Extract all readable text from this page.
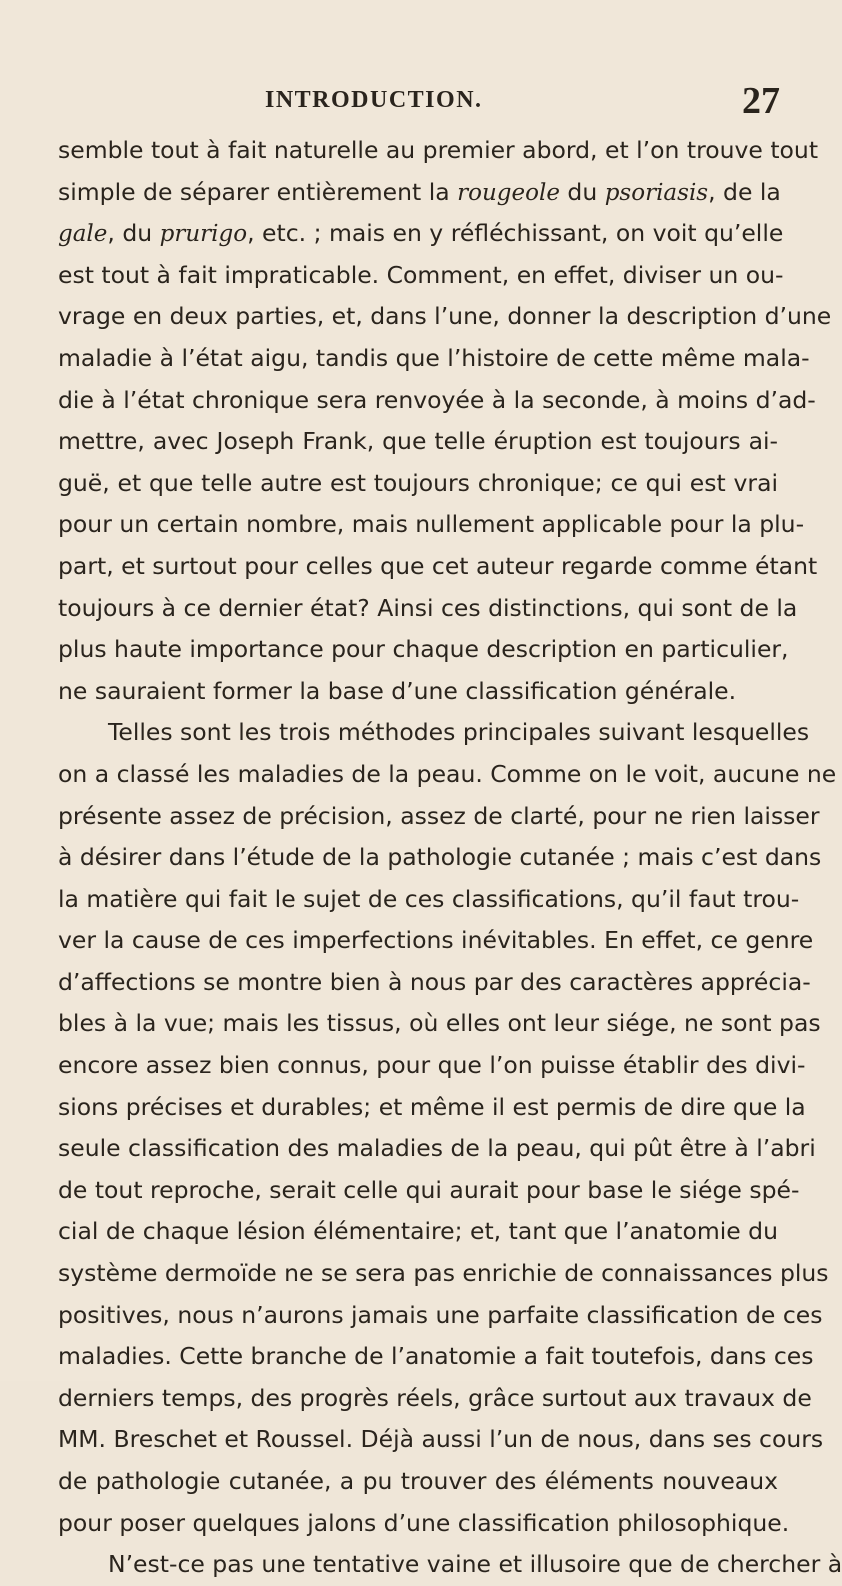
INTRODUCTION.	27
semble tout à fait naturelle au premier abord, et l’on trouve tout
simple de séparer entièrement la rougeole du psoriasis, de la
gale, du prurigo, etc. ; mais en y réfléchissant, on voit qu’elle
est tout à fait impraticable. Comment, en effet, diviser un ou-
vrage en deux parties, et, dans l’une, donner la description d’une
maladie à l’état aigu, tandis que l’histoire de cette même mala-
die à l’état chronique sera renvoyée à la seconde, à moins d’ad-
mettre, avec Joseph Frank, que telle éruption est toujours ai-
guë, et que telle autre est toujours chronique; ce qui est vrai
pour un certain nombre, mais nullement applicable pour la plu-
part, et surtout pour celles que cet auteur regarde comme étant
toujours à ce dernier état? Ainsi ces distinctions, qui sont de la
plus haute importance pour chaque description en particulier,
ne sauraient former la base d’une classification générale.
Telles sont les trois méthodes principales suivant lesquelles
on a classé les maladies de la peau. Comme on le voit, aucune ne
présente assez de précision, assez de clarté, pour ne rien laisser
à désirer dans l’étude de la pathologie cutanée ; mais c’est dans
la matière qui fait le sujet de ces classifications, qu’il faut trou-
ver la cause de ces imperfections inévitables. En effet, ce genre
d’affections se montre bien à nous par des caractères apprécia-
bles à la vue; mais les tissus, où elles ont leur siége, ne sont pas
encore assez bien connus, pour que l’on puisse établir des divi-
sions précises et durables; et même il est permis de dire que la
seule classification des maladies de la peau, qui pût être à l’abri
de tout reproche, serait celle qui aurait pour base le siége spé-
cial de chaque lésion élémentaire; et, tant que l’anatomie du
système dermoïde ne se sera pas enrichie de connaissances plus
positives, nous n’aurons jamais une parfaite classification de ces
maladies. Cette branche de l’anatomie a fait toutefois, dans ces
derniers temps, des progrès réels, grâce surtout aux travaux de
MM. Breschet et Roussel. Déjà aussi l’un de nous, dans ses cours
de pathologie cutanée, a pu trouver des éléments nouveaux
pour poser quelques jalons d’une classification philosophique.
N’est-ce pas une tentative vaine et illusoire que de chercher à
